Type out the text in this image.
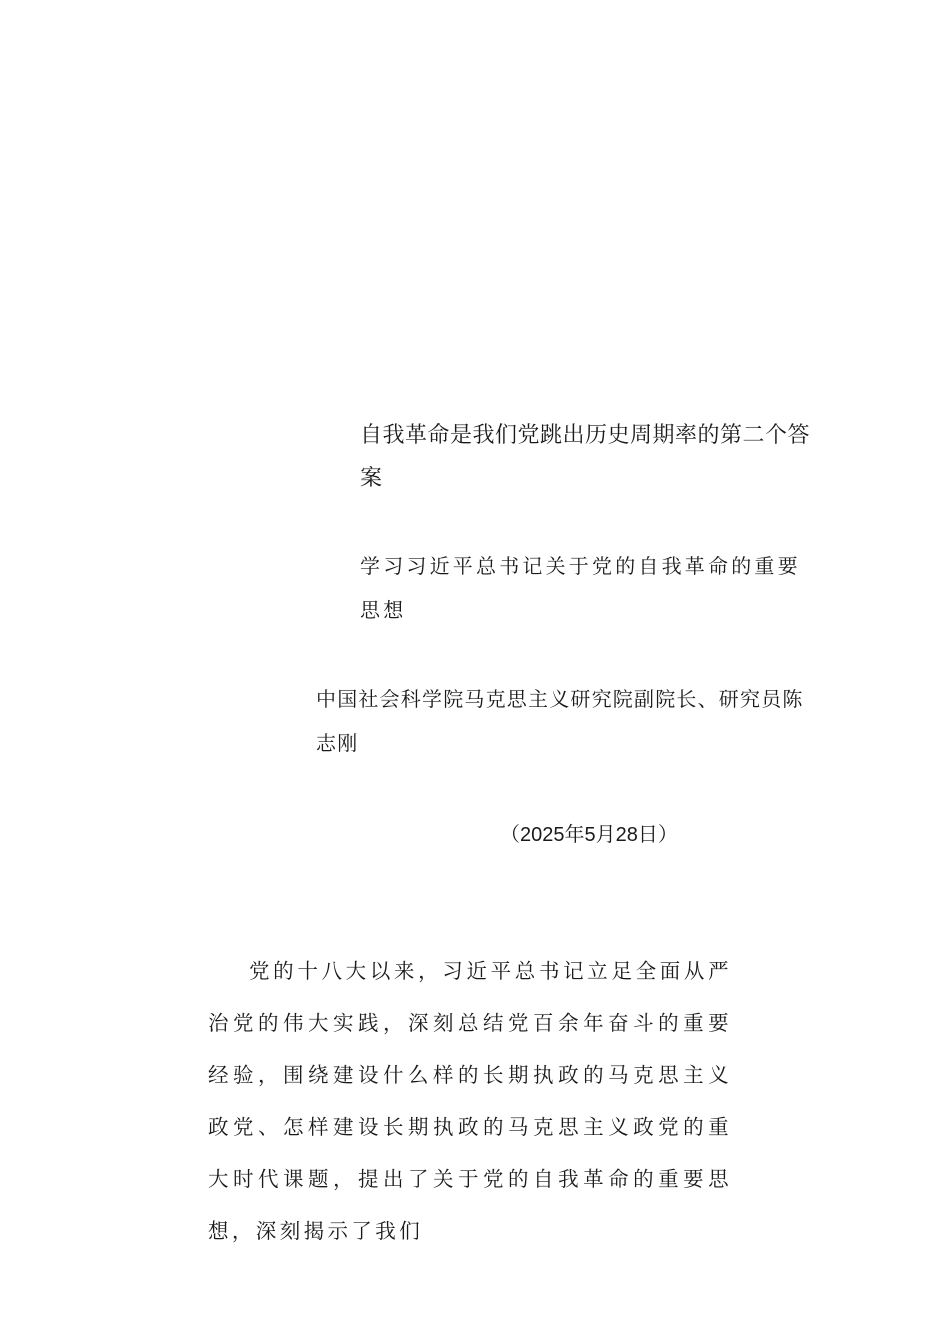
自我革命是我们党跳出历史周期率的第二个答案
学习习近平总书记关于党的自我革命的重要思想
中国社会科学院马克思主义研究院副院长、研究员陈志刚
（2025年5月28日）

党的十八大以来，习近平总书记立足全面从严治党的伟大实践，深刻总结党百余年奋斗的重要经验，围绕建设什么样的长期执政的马克思主义政党、怎样建设长期执政的马克思主义政党的重大时代课题，提出了关于党的自我革命的重要思想，深刻揭示了我们
